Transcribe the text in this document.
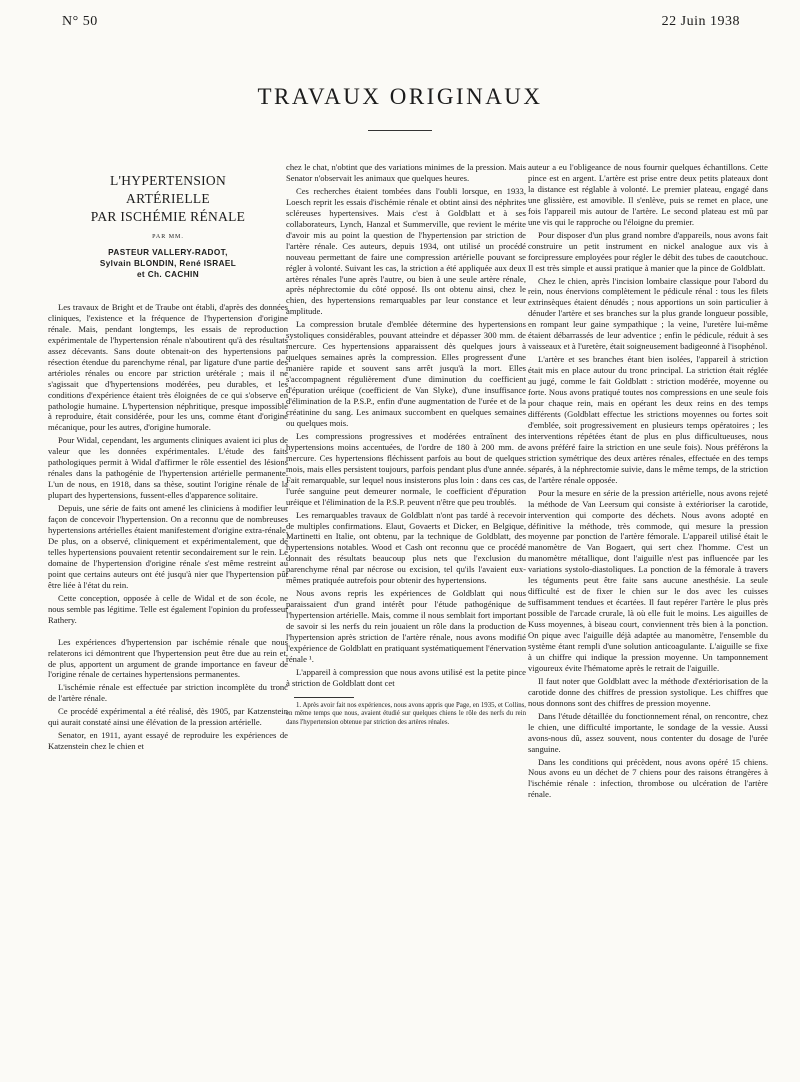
N° 50	22 Juin 1938
TRAVAUX ORIGINAUX
L'HYPERTENSION
ARTÉRIELLE
PAR ISCHÉMIE RÉNALE
PAR MM.
PASTEUR VALLERY-RADOT,
Sylvain BLONDIN, René ISRAEL
et Ch. CACHIN

Les travaux de Bright et de Traube ont établi, d'après des données cliniques, l'existence et la fréquence de l'hypertension d'origine rénale. Mais, pendant longtemps, les essais de reproduction expérimentale de l'hypertension rénale n'aboutirent qu'à des résultats assez décevants. Sans doute obtenait-on des hypertensions par résection étendue du parenchyme rénal, par ligature d'une partie des artérioles rénales ou encore par striction urétérale ; mais il ne s'agissait que d'hypertensions modérées, peu durables, et les conditions d'expérience étaient très éloignées de ce qui s'observe en pathologie humaine. L'hypertension néphritique, presque impossible à reproduire, était considérée, pour les uns, comme étant d'origine mécanique, pour les autres, d'origine humorale.

Pour Widal, cependant, les arguments cliniques avaient ici plus de valeur que les données expérimentales. L'étude des faits pathologiques permit à Widal d'affirmer le rôle essentiel des lésions rénales dans la pathogénie de l'hypertension artérielle permanente. L'un de nous, en 1918, dans sa thèse, soutint l'origine rénale de la plupart des hypertensions, fussent-elles d'apparence solitaire.

Depuis, une série de faits ont amené les cliniciens à modifier leur façon de concevoir l'hypertension. On a reconnu que de nombreuses hypertensions artérielles étaient manifestement d'origine extra-rénale. De plus, on a observé, cliniquement et expérimentalement, que de telles hypertensions pouvaient retentir secondairement sur le rein. Le domaine de l'hypertension d'origine rénale s'est même restreint au point que certains auteurs ont été jusqu'à nier que l'hypertension pût être liée à l'état du rein.

Cette conception, opposée à celle de Widal et de son école, ne nous semble pas légitime. Telle est également l'opinion du professeur Rathery.

Les expériences d'hypertension par ischémie rénale que nous relaterons ici démontrent que l'hypertension peut être due au rein et, de plus, apportent un argument de grande importance en faveur de l'origine rénale de certaines hypertensions permanentes.

L'ischémie rénale est effectuée par striction incomplète du tronc de l'artère rénale.

Ce procédé expérimental a été réalisé, dès 1905, par Katzenstein qui aurait constaté ainsi une élévation de la pression artérielle.

Senator, en 1911, ayant essayé de reproduire les expériences de Katzenstein chez le chien et

chez le chat, n'obtint que des variations minimes de la pression. Mais Senator n'observait les animaux que quelques heures.

Ces recherches étaient tombées dans l'oubli lorsque, en 1933, Loesch reprit les essais d'ischémie rénale et obtint ainsi des néphrites scléreuses hypertensives. Mais c'est à Goldblatt et à ses collaborateurs, Lynch, Hanzal et Summerville, que revient le mérite d'avoir mis au point la question de l'hypertension par striction de l'artère rénale. Ces auteurs, depuis 1934, ont utilisé un procédé nouveau permettant de faire une compression artérielle pouvant se régler à volonté. Suivant les cas, la striction a été appliquée aux deux artères rénales l'une après l'autre, ou bien à une seule artère rénale, après néphrectomie du côté opposé. Ils ont obtenu ainsi, chez le chien, des hypertensions remarquables par leur constance et leur amplitude.

La compression brutale d'emblée détermine des hypertensions systoliques considérables, pouvant atteindre et dépasser 300 mm. de mercure. Ces hypertensions apparaissent dès quelques jours à quelques semaines après la compression. Elles progressent d'une manière rapide et souvent sans arrêt jusqu'à la mort. Elles s'accompagnent régulièrement d'une diminution du coefficient d'épuration uréique (coefficient de Van Slyke), d'une insuffisance d'élimination de la P.S.P., enfin d'une augmentation de l'urée et de la créatinine du sang. Les animaux succombent en quelques semaines ou quelques mois.

Les compressions progressives et modérées entraînent des hypertensions moins accentuées, de l'ordre de 180 à 200 mm. de mercure. Ces hypertensions fléchissent parfois au bout de quelques mois, mais elles persistent toujours, parfois pendant plus d'une année. Fait remarquable, sur lequel nous insisterons plus loin : dans ces cas, l'urée sanguine peut demeurer normale, le coefficient d'épuration uréique et l'élimination de la P.S.P. peuvent n'être que peu troublés.

Les remarquables travaux de Goldblatt n'ont pas tardé à recevoir de multiples confirmations. Elaut, Govaerts et Dicker, en Belgique, Martinetti en Italie, ont obtenu, par la technique de Goldblatt, des hypertensions notables. Wood et Cash ont reconnu que ce procédé donnait des résultats beaucoup plus nets que l'exclusion du parenchyme rénal par nécrose ou excision, tel qu'ils l'avaient eux-mêmes pratiquée autrefois pour obtenir des hypertensions.

Nous avons repris les expériences de Goldblatt qui nous paraissaient d'un grand intérêt pour l'étude pathogénique de l'hypertension artérielle. Mais, comme il nous semblait fort important de savoir si les nerfs du rein jouaient un rôle dans la production de l'hypertension après striction de l'artère rénale, nous avons modifié l'expérience de Goldblatt en pratiquant systématiquement l'énervation rénale ¹.

L'appareil à compression que nous avons utilisé est la petite pince à striction de Goldblatt dont cet

1. Après avoir fait nos expériences, nous avons appris que Page, en 1935, et Collins, en même temps que nous, avaient étudié sur quelques chiens le rôle des nerfs du rein dans l'hypertension obtenue par striction des artères rénales.

auteur a eu l'obligeance de nous fournir quelques échantillons. Cette pince est en argent. L'artère est prise entre deux petits plateaux dont la distance est réglable à volonté. Le premier plateau, engagé dans une glissière, est amovible. Il s'enlève, puis se remet en place, une fois l'appareil mis autour de l'artère. Le second plateau est mû par une vis qui le rapproche ou l'éloigne du premier.

Pour disposer d'un plus grand nombre d'appareils, nous avons fait construire un petit instrument en nickel analogue aux vis à forcipressure employées pour régler le débit des tubes de caoutchouc. Il est très simple et aussi pratique à manier que la pince de Goldblatt.

Chez le chien, après l'incision lombaire classique pour l'abord du rein, nous énervions complètement le pédicule rénal : tous les filets extrinsèques étaient dénudés ; nous apportions un soin particulier à dénuder l'artère et ses branches sur la plus grande longueur possible, en rompant leur gaine sympathique ; la veine, l'uretère lui-même étaient débarrassés de leur adventice ; enfin le pédicule, réduit à ses vaisseaux et à l'uretère, était soigneusement badigeonné à l'isophénol.

L'artère et ses branches étant bien isolées, l'appareil à striction était mis en place autour du tronc principal. La striction était réglée au jugé, comme le fait Goldblatt : striction modérée, moyenne ou forte. Nous avons pratiqué toutes nos compressions en une seule fois pour chaque rein, mais en opérant les deux reins en des temps différents (Goldblatt effectue les strictions moyennes ou fortes soit d'emblée, soit progressivement en plusieurs temps opératoires ; les interventions répétées étant de plus en plus difficultueuses, nous avons préféré faire la striction en une seule fois). Nous préférons la striction symétrique des deux artères rénales, effectuée en des temps séparés, à la néphrectomie suivie, dans le même temps, de la striction de l'artère rénale opposée.

Pour la mesure en série de la pression artérielle, nous avons rejeté la méthode de Van Leersum qui consiste à extérioriser la carotide, intervention qui comporte des déchets. Nous avons adopté en définitive la méthode, très commode, qui mesure la pression moyenne par ponction de l'artère fémorale. L'appareil utilisé était le manomètre de Van Bogaert, qui sert chez l'homme. C'est un manomètre métallique, dont l'aiguille n'est pas influencée par les variations systolo-diastoliques. La ponction de la fémorale à travers les téguments peut être faite sans aucune anesthésie. La seule difficulté est de fixer le chien sur le dos avec les cuisses suffisamment tendues et écartées. Il faut repérer l'artère le plus près possible de l'arcade crurale, là où elle fuit le moins. Les aiguilles de Kuss moyennes, à biseau court, conviennent très bien à la ponction. On pique avec l'aiguille déjà adaptée au manomètre, l'ensemble du système étant rempli d'une solution anticoagulante. L'aiguille se fixe à un chiffre qui indique la pression moyenne. Un tamponnement vigoureux évite l'hématome après le retrait de l'aiguille.

Il faut noter que Goldblatt avec la méthode d'extériorisation de la carotide donne des chiffres de pression systolique. Les chiffres que nous donnons sont des chiffres de pression moyenne.

Dans l'étude détaillée du fonctionnement rénal, on rencontre, chez le chien, une difficulté importante, le sondage de la vessie. Aussi avons-nous dû, assez souvent, nous contenter du dosage de l'urée sanguine.

Dans les conditions qui précèdent, nous avons opéré 15 chiens. Nous avons eu un déchet de 7 chiens pour des raisons étrangères à l'ischémie rénale : infection, thrombose ou ulcération de l'artère rénale.
